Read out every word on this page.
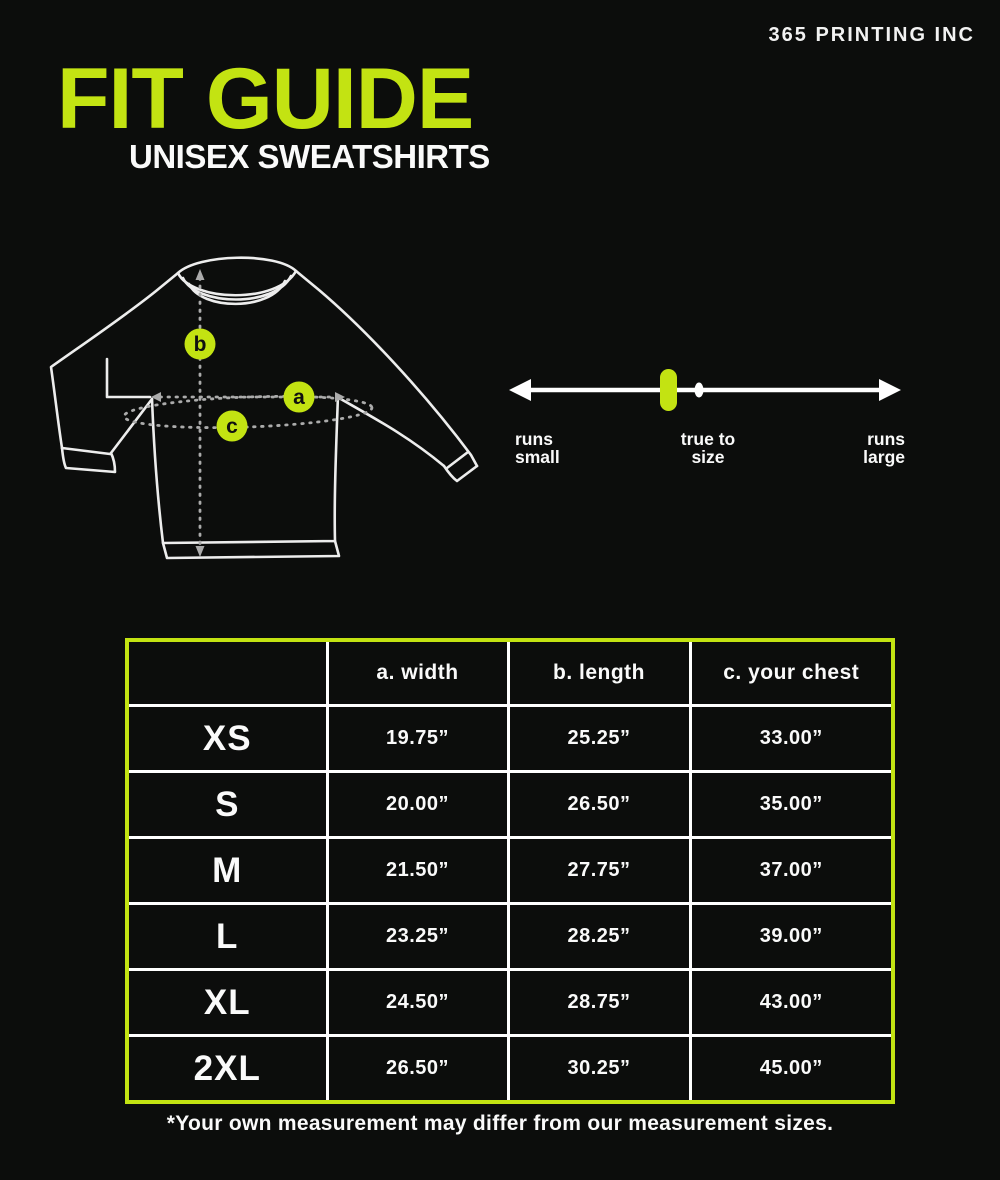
365 PRINTING INC
FIT GUIDE
UNISEX SWEATSHIRTS
b
a
c
runs
small
true to
size
runs
large
	a. width	b. length	c. your chest
XS	19.75”	25.25”	33.00”
S	20.00”	26.50”	35.00”
M	21.50”	27.75”	37.00”
L	23.25”	28.25”	39.00”
XL	24.50”	28.75”	43.00”
2XL	26.50”	30.25”	45.00”
*Your own measurement may differ from our measurement sizes.
